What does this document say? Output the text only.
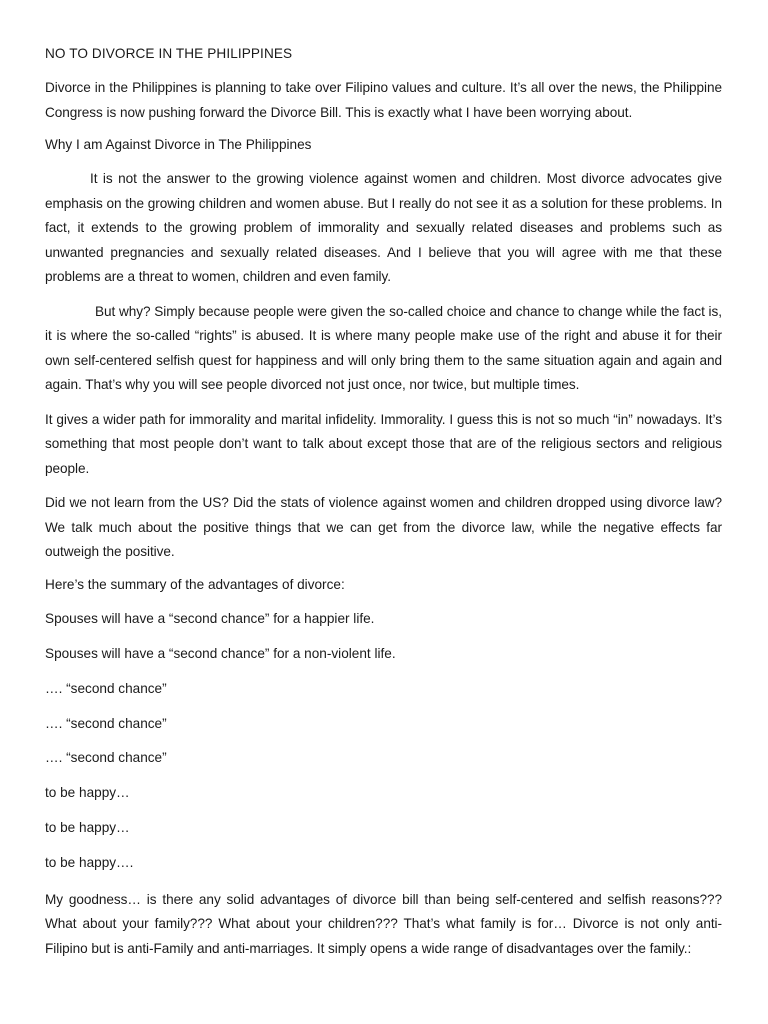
NO TO DIVORCE IN THE PHILIPPINES

Divorce in the Philippines is planning to take over Filipino values and culture. It’s all over the news, the Philippine Congress is now pushing forward the Divorce Bill. This is exactly what I have been worrying about.

Why I am Against Divorce in The Philippines

It is not the answer to the growing violence against women and children. Most divorce advocates give emphasis on the growing children and women abuse. But I really do not see it as a solution for these problems. In fact, it extends to the growing problem of immorality and sexually related diseases and problems such as unwanted pregnancies and sexually related diseases. And I believe that you will agree with me that these problems are a threat to women, children and even family.

But why? Simply because people were given the so-called choice and chance to change while the fact is, it is where the so-called “rights” is abused. It is where many people make use of the right and abuse it for their own self-centered selfish quest for happiness and will only bring them to the same situation again and again and again. That’s why you will see people divorced not just once, nor twice, but multiple times.

It gives a wider path for immorality and marital infidelity. Immorality. I guess this is not so much “in” nowadays. It’s something that most people don’t want to talk about except those that are of the religious sectors and religious people.

Did we not learn from the US? Did the stats of violence against women and children dropped using divorce law? We talk much about the positive things that we can get from the divorce law, while the negative effects far outweigh the positive.

Here’s the summary of the advantages of divorce:

Spouses will have a “second chance” for a happier life.

Spouses will have a “second chance” for a non-violent life.

…. “second chance”

…. “second chance”

…. “second chance”

to be happy…

to be happy…

to be happy….

My goodness… is there any solid advantages of divorce bill than being self-centered and selfish reasons??? What about your family??? What about your children??? That’s what family is for… Divorce is not only anti-Filipino but is anti-Family and anti-marriages. It simply opens a wide range of disadvantages over the family.:
